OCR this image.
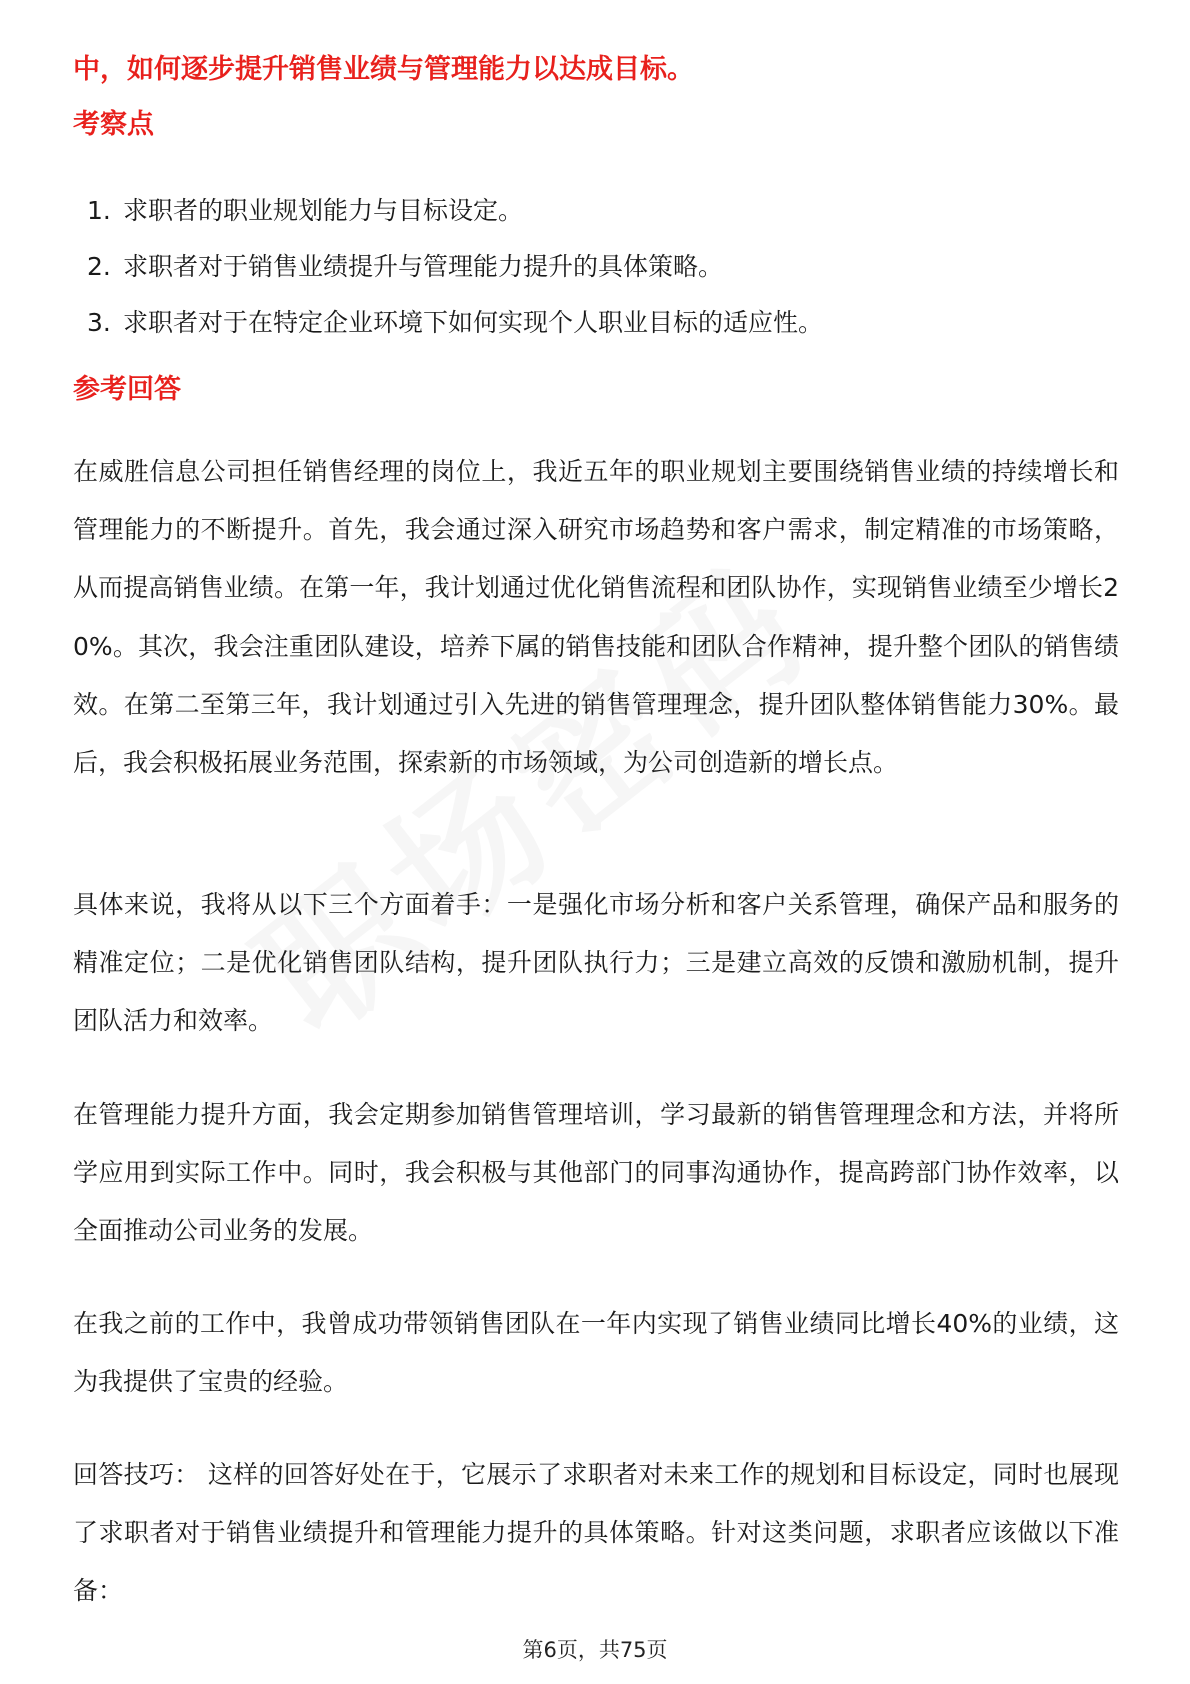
中，如何逐步提升销售业绩与管理能力以达成目标。
考察点
1. 求职者的职业规划能力与目标设定。
2. 求职者对于销售业绩提升与管理能力提升的具体策略。
3. 求职者对于在特定企业环境下如何实现个人职业目标的适应性。
参考回答

在威胜信息公司担任销售经理的岗位上，我近五年的职业规划主要围绕销售业绩的持续增长和管理能力的不断提升。首先，我会通过深入研究市场趋势和客户需求，制定精准的市场策略，从而提高销售业绩。在第一年，我计划通过优化销售流程和团队协作，实现销售业绩至少增长20%。其次，我会注重团队建设，培养下属的销售技能和团队合作精神，提升整个团队的销售绩效。在第二至第三年，我计划通过引入先进的销售管理理念，提升团队整体销售能力30%。最后，我会积极拓展业务范围，探索新的市场领域，为公司创造新的增长点。

具体来说，我将从以下三个方面着手：一是强化市场分析和客户关系管理，确保产品和服务的精准定位；二是优化销售团队结构，提升团队执行力；三是建立高效的反馈和激励机制，提升团队活力和效率。

在管理能力提升方面，我会定期参加销售管理培训，学习最新的销售管理理念和方法，并将所学应用到实际工作中。同时，我会积极与其他部门的同事沟通协作，提高跨部门协作效率，以全面推动公司业务的发展。

在我之前的工作中，我曾成功带领销售团队在一年内实现了销售业绩同比增长40%的业绩，这为我提供了宝贵的经验。

回答技巧： 这样的回答好处在于，它展示了求职者对未来工作的规划和目标设定，同时也展现了求职者对于销售业绩提升和管理能力提升的具体策略。针对这类问题，求职者应该做以下准备：

第6页，共75页
